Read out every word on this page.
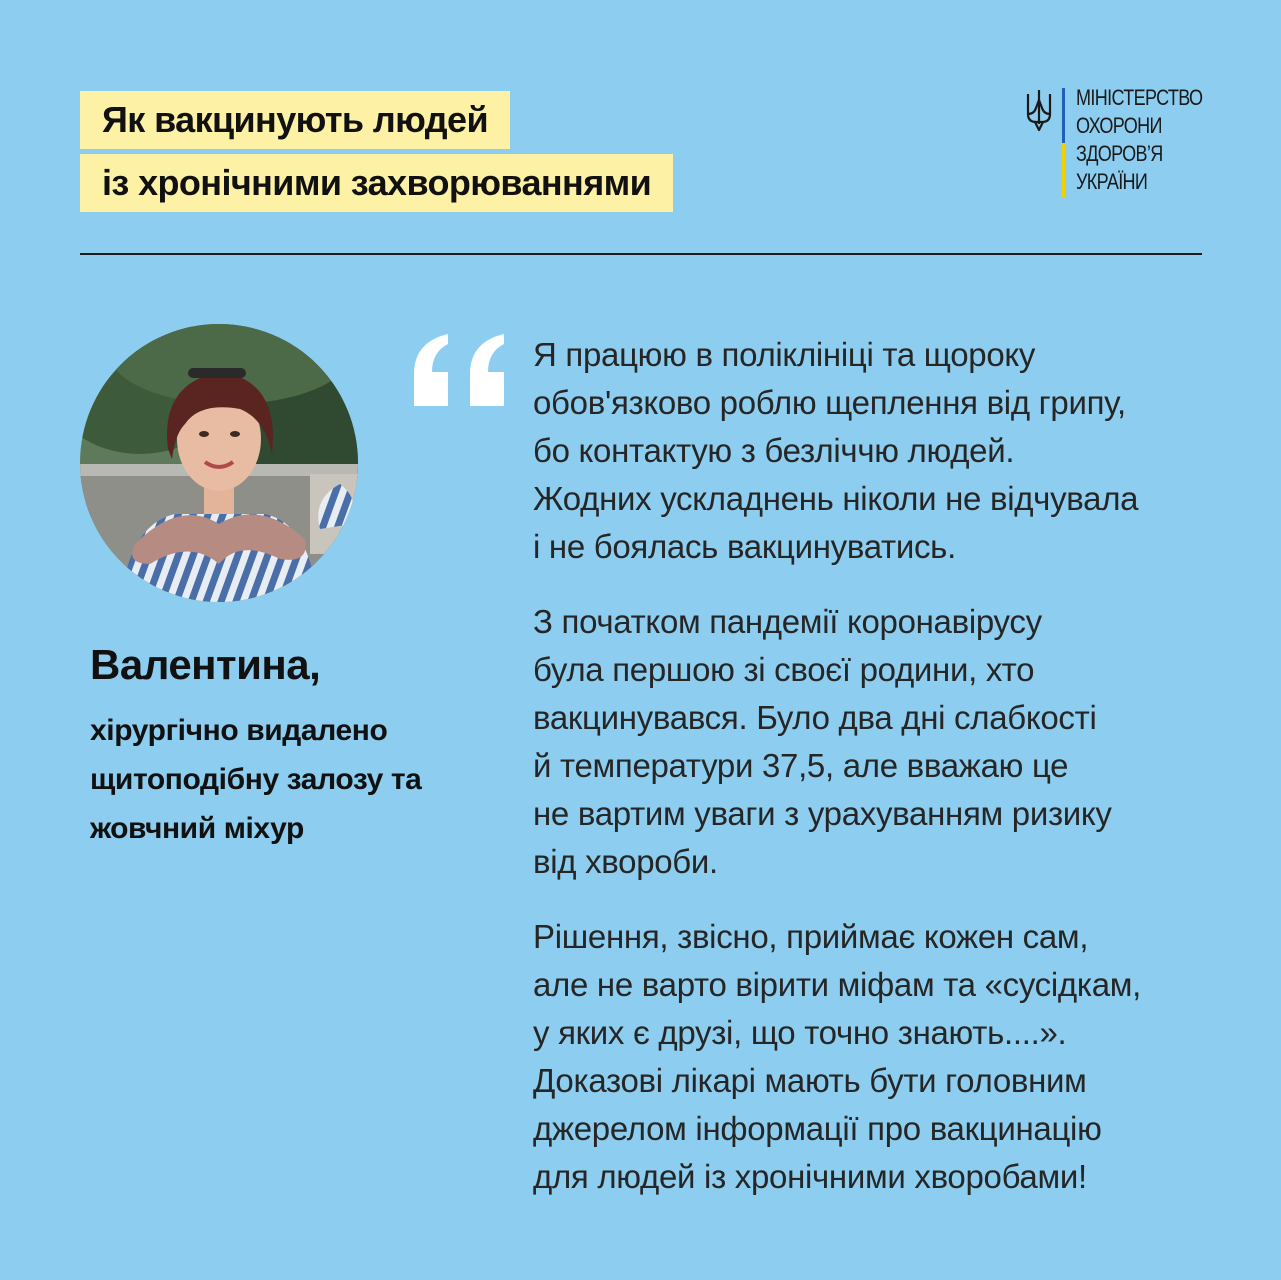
Як вакцинують людей
із хронічними захворюваннями
МІНІСТЕРСТВО
ОХОРОНИ
ЗДОРОВ’Я
УКРАЇНИ
Валентина,
хірургічно видалено щитоподібну залозу та жовчний міхур

Я працюю в поліклініці та щороку
обов'язково роблю щеплення від грипу,
бо контактую з безліччю людей.
Жодних ускладнень ніколи не відчувала
і не боялась вакцинуватись.

З початком пандемії коронавірусу
була першою зі своєї родини, хто
вакцинувався. Було два дні слабкості
й температури 37,5, але вважаю це
не вартим уваги з урахуванням ризику
від хвороби.

Рішення, звісно, приймає кожен сам,
але не варто вірити міфам та «сусідкам,
у яких є друзі, що точно знають....».
Доказові лікарі мають бути головним
джерелом інформації про вакцинацію
для людей із хронічними хворобами!
